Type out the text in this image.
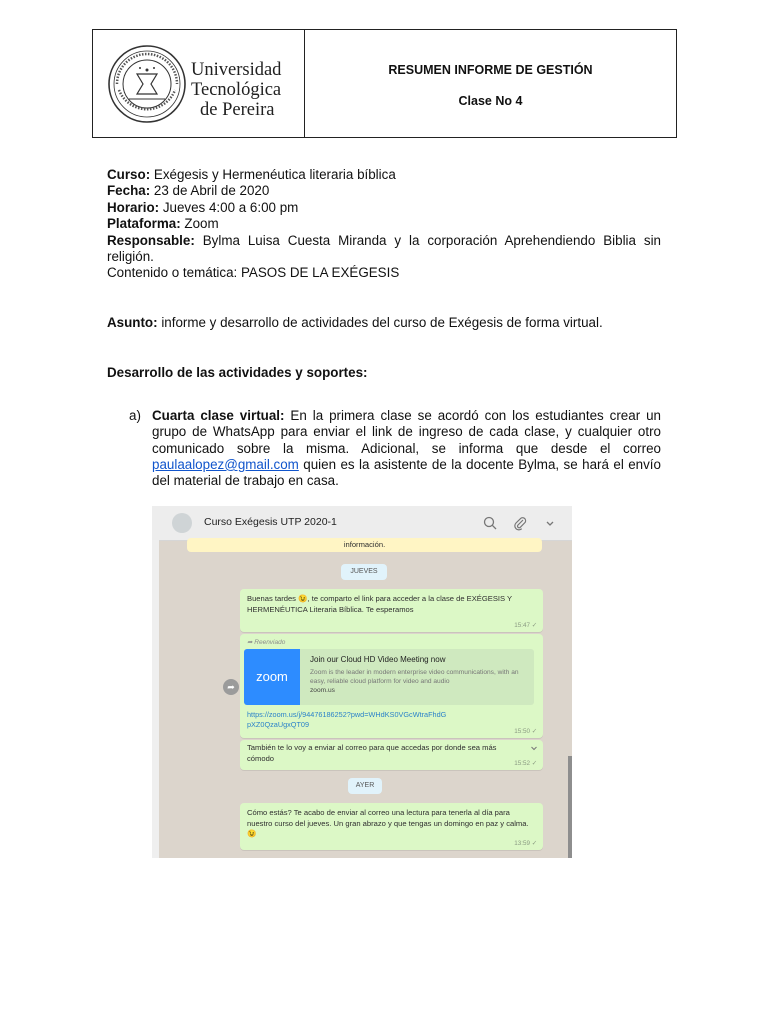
Universidad
Tecnológica
de Pereira
RESUMEN INFORME DE GESTIÓN
Clase No 4
Curso: Exégesis y Hermenéutica literaria bíblica
Fecha: 23 de Abril de 2020
Horario: Jueves 4:00 a 6:00 pm
Plataforma: Zoom
Responsable: Bylma Luisa Cuesta Miranda y la corporación Aprehendiendo Biblia sin religión.
Contenido o temática: PASOS DE LA EXÉGESIS
Asunto: informe y desarrollo de actividades del curso de Exégesis de forma virtual.
Desarrollo de las actividades y soportes:
a) Cuarta clase virtual: En la primera clase se acordó con los estudiantes crear un grupo de WhatsApp para enviar el link de ingreso de cada clase, y cualquier otro comunicado sobre la misma. Adicional, se informa que desde el correo paulaalopez@gmail.com quien es la asistente de la docente Bylma, se hará el envío del material de trabajo en casa.
Curso Exégesis UTP 2020-1
información.
JUEVES
Buenas tardes 😉, te comparto el link para acceder a la clase de EXÉGESIS Y HERMENÉUTICA Literaria Bíblica. Te esperamos
15:47 ✓
➦ Reenviado
zoom
Join our Cloud HD Video Meeting now
Zoom is the leader in modern enterprise video communications, with an easy, reliable cloud platform for video and audio
zoom.us
https://zoom.us/j/94476186252?pwd=WHdKS0VGcWtraFhdGpXZ0QzaUgxQT09
15:50 ✓
➦
También te lo voy a enviar al correo para que accedas por donde sea más cómodo
15:52 ✓
AYER
Cómo estás? Te acabo de enviar al correo una lectura para tenerla al día para nuestro curso del jueves. Un gran abrazo y que tengas un domingo en paz y calma. 😉
13:59 ✓
